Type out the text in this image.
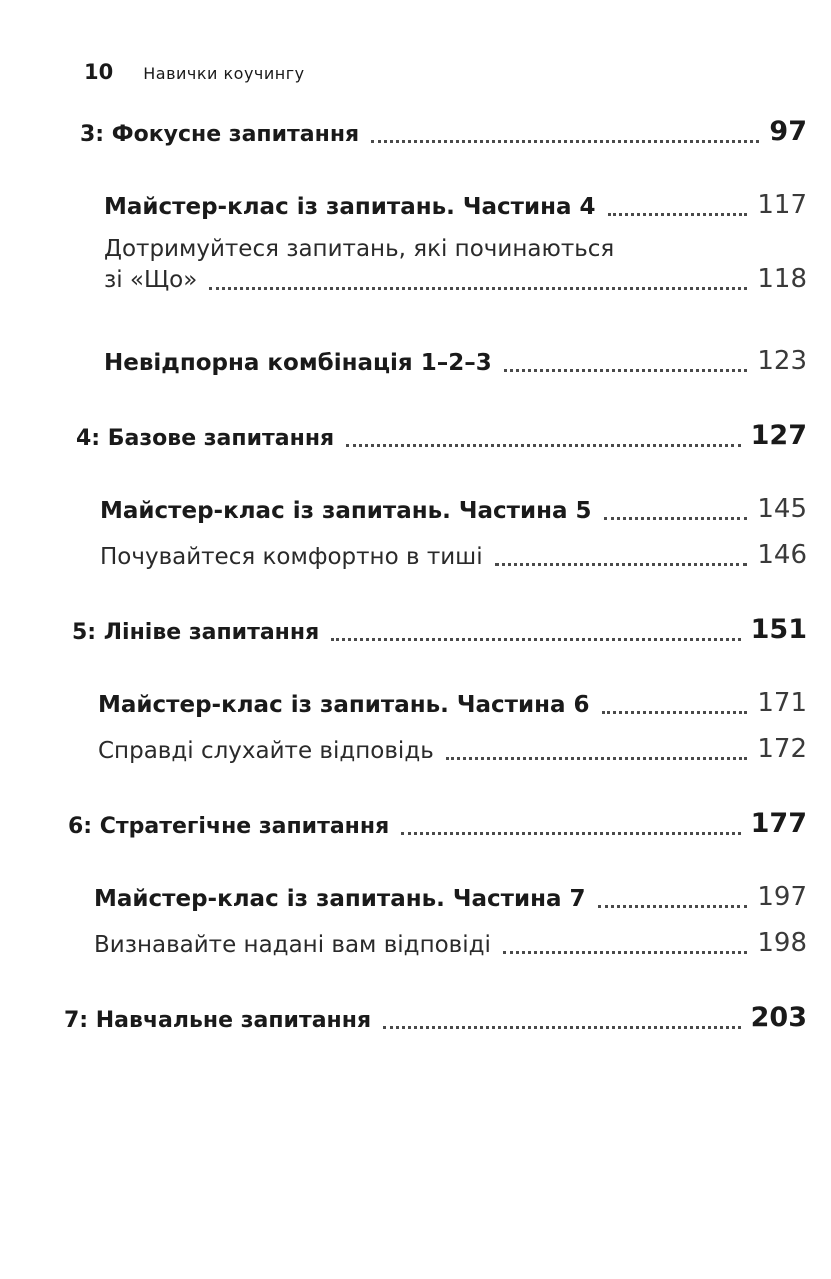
10 Навички коучингу
3: Фокусне запитання	97
Майстер-клас із запитань. Частина 4	117
Дотримуйтеся запитань, які починаються
зі «Що»	118
Невідпорна комбінація 1–2–3	123
4: Базове запитання	127
Майстер-клас із запитань. Частина 5	145
Почувайтеся комфортно в тиші	146
5: Лініве запитання	151
Майстер-клас із запитань. Частина 6	171
Справді слухайте відповідь	172
6: Стратегічне запитання	177
Майстер-клас із запитань. Частина 7	197
Визнавайте надані вам відповіді	198
7: Навчальне запитання	203
